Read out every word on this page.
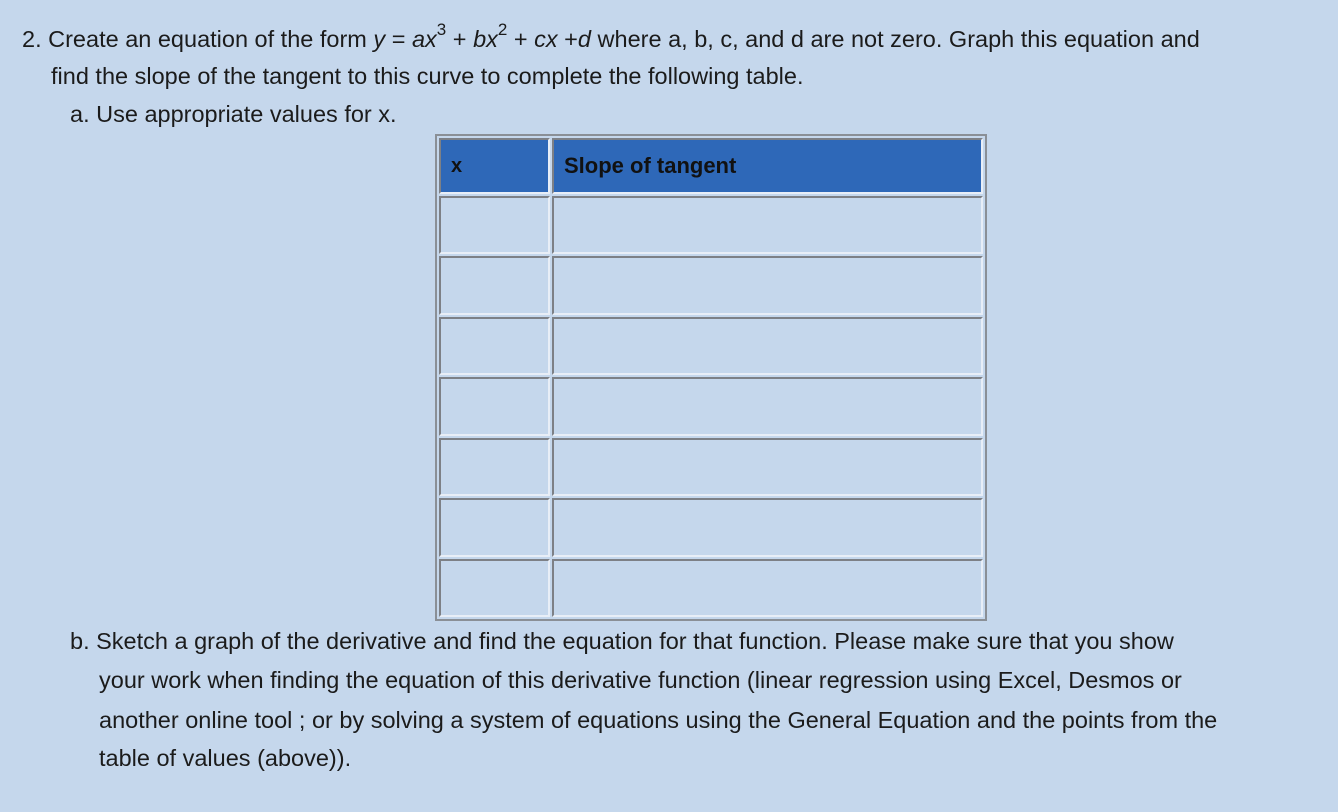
2. Create an equation of the form $y = ax^3 + bx^2$ + cx +d where a, b, c, and d are not zero. Graph this equation and
find the slope of the tangent to this curve to complete the following table.
a. Use appropriate values for x.
x	Slope of tangent

b. Sketch a graph of the derivative and find the equation for that function. Please make sure that you show
your work when finding the equation of this derivative function (linear regression using Excel, Desmos or
another online tool ; or by solving a system of equations using the General Equation and the points from the
table of values (above)).
